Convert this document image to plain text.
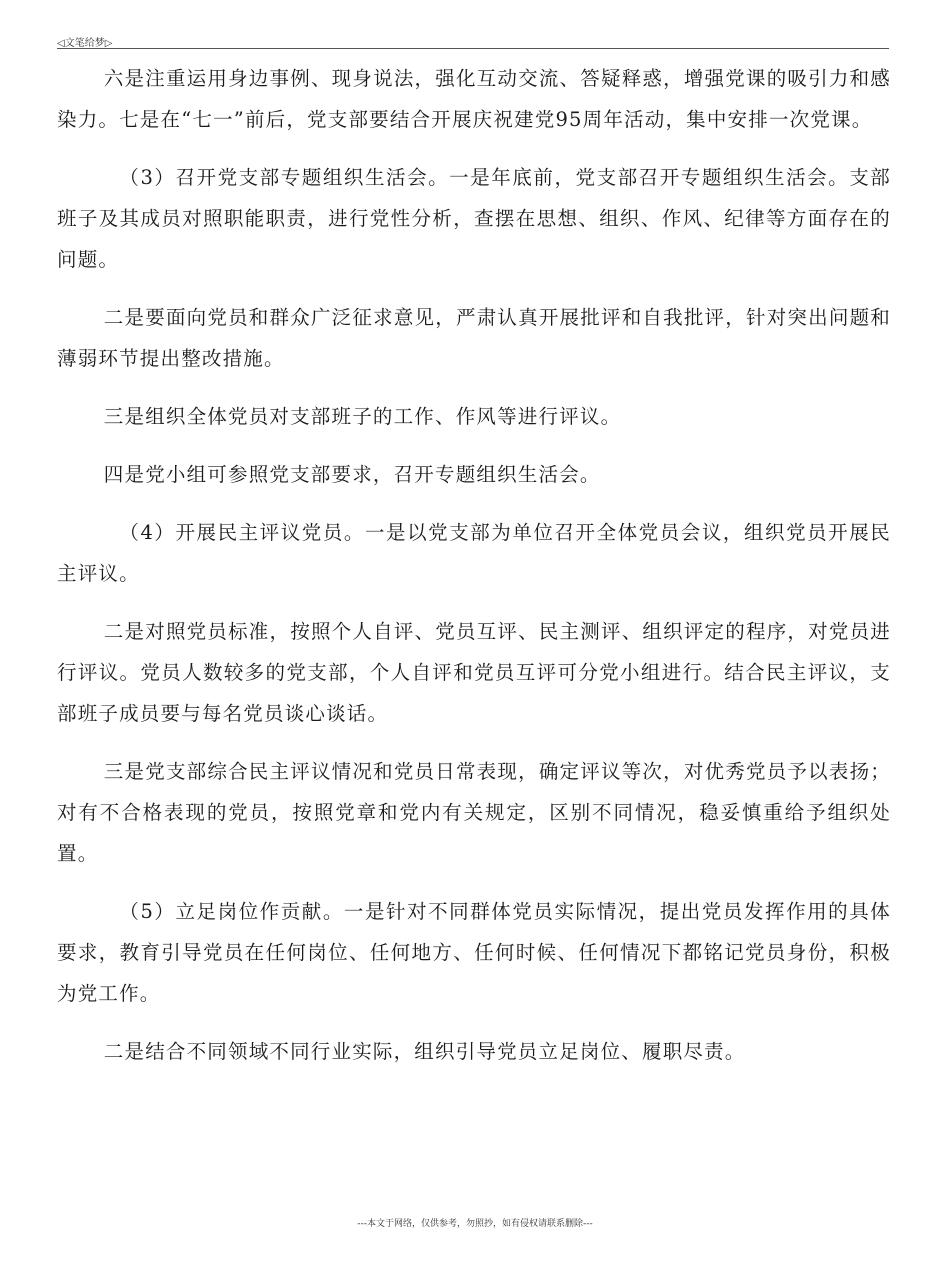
◁文笔给梦▷

六是注重运用身边事例、现身说法，强化互动交流、答疑释惑，增强党课的吸引力和感染力。七是在“七一”前后，党支部要结合开展庆祝建党95周年活动，集中安排一次党课。

（3）召开党支部专题组织生活会。一是年底前，党支部召开专题组织生活会。支部班子及其成员对照职能职责，进行党性分析，查摆在思想、组织、作风、纪律等方面存在的问题。

二是要面向党员和群众广泛征求意见，严肃认真开展批评和自我批评，针对突出问题和薄弱环节提出整改措施。

三是组织全体党员对支部班子的工作、作风等进行评议。

四是党小组可参照党支部要求，召开专题组织生活会。

（4）开展民主评议党员。一是以党支部为单位召开全体党员会议，组织党员开展民主评议。

二是对照党员标准，按照个人自评、党员互评、民主测评、组织评定的程序，对党员进行评议。党员人数较多的党支部，个人自评和党员互评可分党小组进行。结合民主评议，支部班子成员要与每名党员谈心谈话。

三是党支部综合民主评议情况和党员日常表现，确定评议等次，对优秀党员予以表扬；对有不合格表现的党员，按照党章和党内有关规定，区别不同情况，稳妥慎重给予组织处置。

（5）立足岗位作贡献。一是针对不同群体党员实际情况，提出党员发挥作用的具体要求，教育引导党员在任何岗位、任何地方、任何时候、任何情况下都铭记党员身份，积极为党工作。

二是结合不同领域不同行业实际，组织引导党员立足岗位、履职尽责。

---本文于网络，仅供参考，勿照抄，如有侵权请联系删除---
